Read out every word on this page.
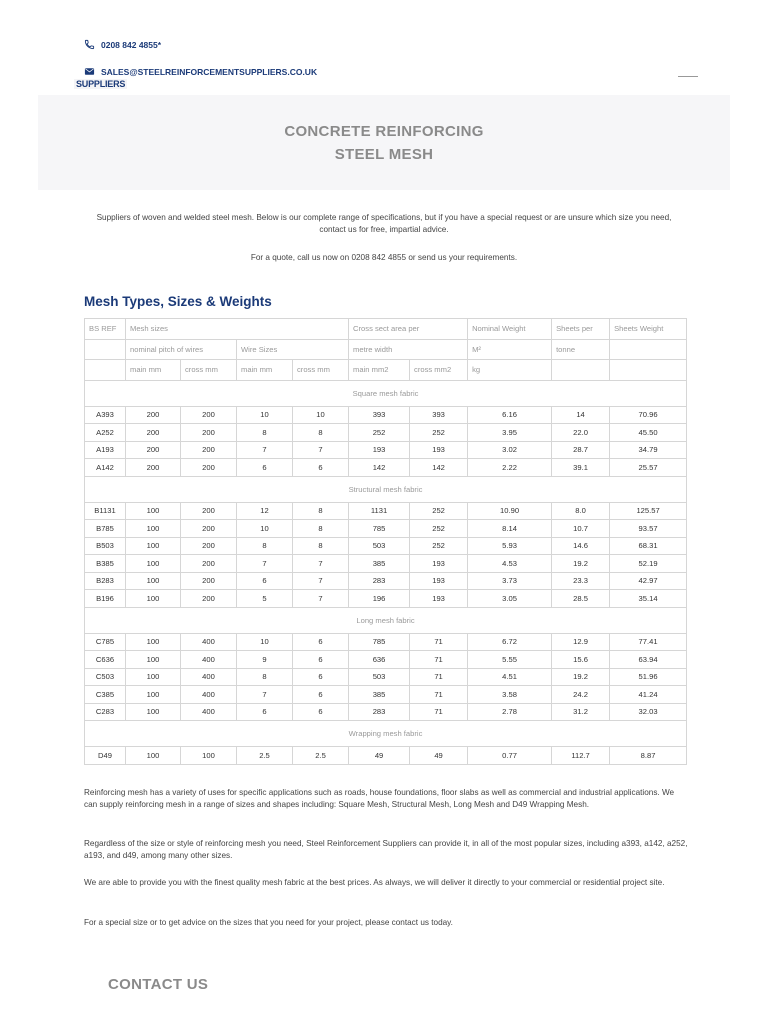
0208 842 4855*
SALES@STEELREINFORCEMENTSUPPLIERS.CO.UK
SUPPLIERS
CONCRETE REINFORCING
STEEL MESH

Suppliers of woven and welded steel mesh. Below is our complete range of specifications, but if you have a special request or are unsure which size you need, contact us for free, impartial advice.

For a quote, call us now on 0208 842 4855 or send us your requirements.

Mesh Types, Sizes & Weights
BS REF	Mesh sizes				Cross sect area per		Nominal Weight	Sheets per	Sheets Weight
	nominal pitch of wires		Wire Sizes		metre width		M²	tonne	
	main mm	cross mm	main mm	cross mm	main mm2	cross mm2	kg		
Square mesh fabric									
A393	200	200	10	10	393	393	6.16	14	70.96
A252	200	200	8	8	252	252	3.95	22.0	45.50
A193	200	200	7	7	193	193	3.02	28.7	34.79
A142	200	200	6	6	142	142	2.22	39.1	25.57
Structural mesh fabric									
B1131	100	200	12	8	1131	252	10.90	8.0	125.57
B785	100	200	10	8	785	252	8.14	10.7	93.57
B503	100	200	8	8	503	252	5.93	14.6	68.31
B385	100	200	7	7	385	193	4.53	19.2	52.19
B283	100	200	6	7	283	193	3.73	23.3	42.97
B196	100	200	5	7	196	193	3.05	28.5	35.14
Long mesh fabric									
C785	100	400	10	6	785	71	6.72	12.9	77.41
C636	100	400	9	6	636	71	5.55	15.6	63.94
C503	100	400	8	6	503	71	4.51	19.2	51.96
C385	100	400	7	6	385	71	3.58	24.2	41.24
C283	100	400	6	6	283	71	2.78	31.2	32.03
Wrapping mesh fabric									
D49	100	100	2.5	2.5	49	49	0.77	112.7	8.87

Reinforcing mesh has a variety of uses for specific applications such as roads, house foundations, floor slabs as well as commercial and industrial applications. We can supply reinforcing mesh in a range of sizes and shapes including: Square Mesh, Structural Mesh, Long Mesh and D49 Wrapping Mesh.

Regardless of the size or style of reinforcing mesh you need, Steel Reinforcement Suppliers can provide it, in all of the most popular sizes, including a393, a142, a252, a193, and d49, among many other sizes.

We are able to provide you with the finest quality mesh fabric at the best prices. As always, we will deliver it directly to your commercial or residential project site.

For a special size or to get advice on the sizes that you need for your project, please contact us today.

CONTACT US
